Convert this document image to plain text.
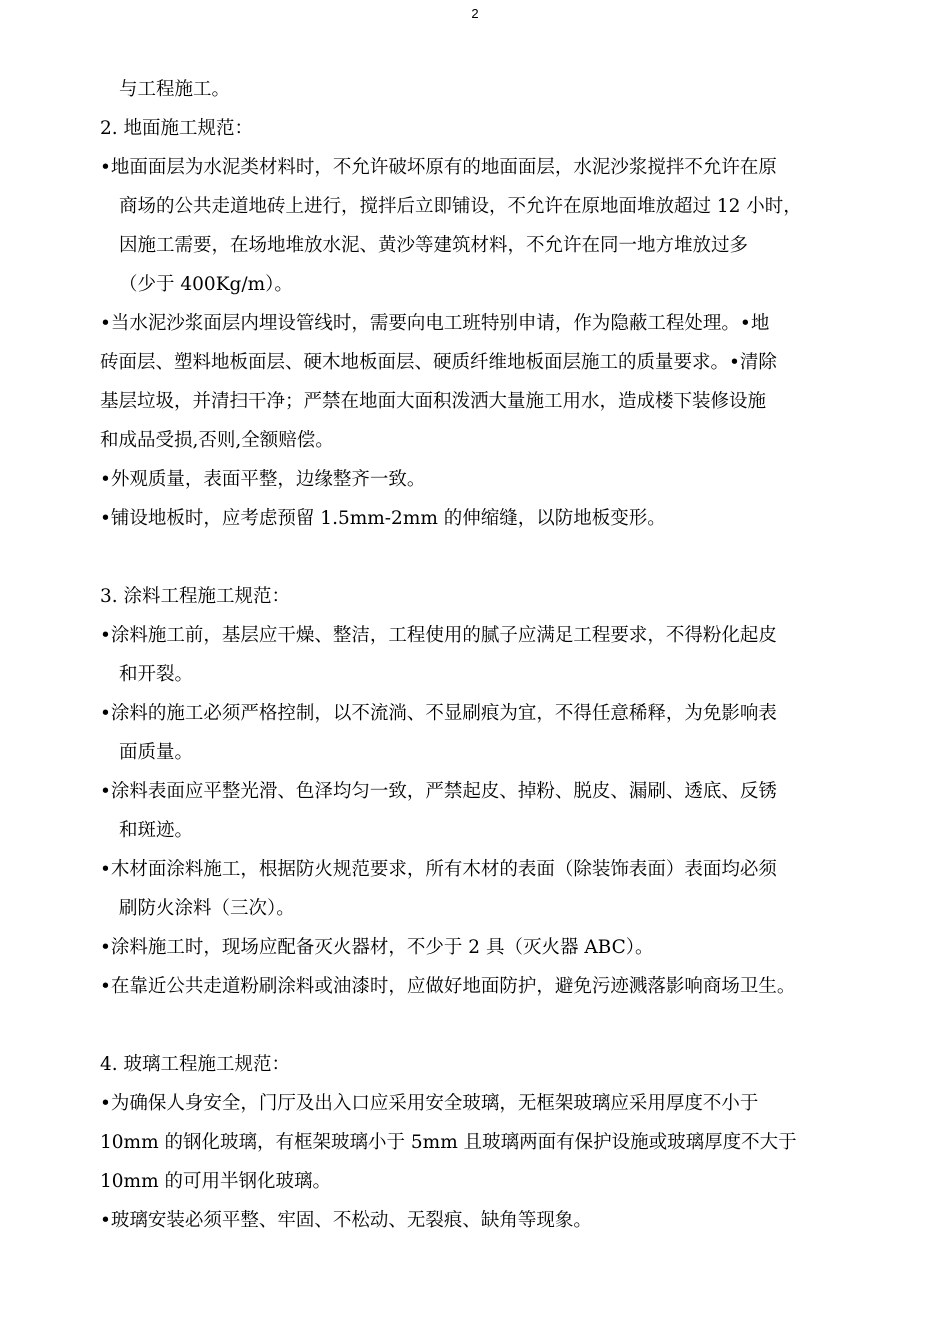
2
与工程施工。
2. 地面施工规范：
•地面面层为水泥类材料时，不允许破坏原有的地面面层，水泥沙浆搅拌不允许在原
商场的公共走道地砖上进行，搅拌后立即铺设，不允许在原地面堆放超过 12 小时，
因施工需要，在场地堆放水泥、黄沙等建筑材料，不允许在同一地方堆放过多
（少于 400Kg/m）。
•当水泥沙浆面层内埋设管线时，需要向电工班特别申请，作为隐蔽工程处理。•地
砖面层、塑料地板面层、硬木地板面层、硬质纤维地板面层施工的质量要求。•清除
基层垃圾，并清扫干净；严禁在地面大面积泼洒大量施工用水，造成楼下装修设施
和成品受损,否则,全额赔偿。
•外观质量，表面平整，边缘整齐一致。
•铺设地板时，应考虑预留 1.5mm-2mm 的伸缩缝，以防地板变形。
3. 涂料工程施工规范：
•涂料施工前，基层应干燥、整洁，工程使用的腻子应满足工程要求，不得粉化起皮
和开裂。
•涂料的施工必须严格控制，以不流淌、不显刷痕为宜，不得任意稀释，为免影响表
面质量。
•涂料表面应平整光滑、色泽均匀一致，严禁起皮、掉粉、脱皮、漏刷、透底、反锈
和斑迹。
•木材面涂料施工，根据防火规范要求，所有木材的表面（除装饰表面）表面均必须
刷防火涂料（三次）。
•涂料施工时，现场应配备灭火器材，不少于 2 具（灭火器 ABC）。
•在靠近公共走道粉刷涂料或油漆时，应做好地面防护，避免污迹溅落影响商场卫生。
4. 玻璃工程施工规范：
•为确保人身安全，门厅及出入口应采用安全玻璃，无框架玻璃应采用厚度不小于
10mm 的钢化玻璃，有框架玻璃小于 5mm 且玻璃两面有保护设施或玻璃厚度不大于
10mm 的可用半钢化玻璃。
•玻璃安装必须平整、牢固、不松动、无裂痕、缺角等现象。
